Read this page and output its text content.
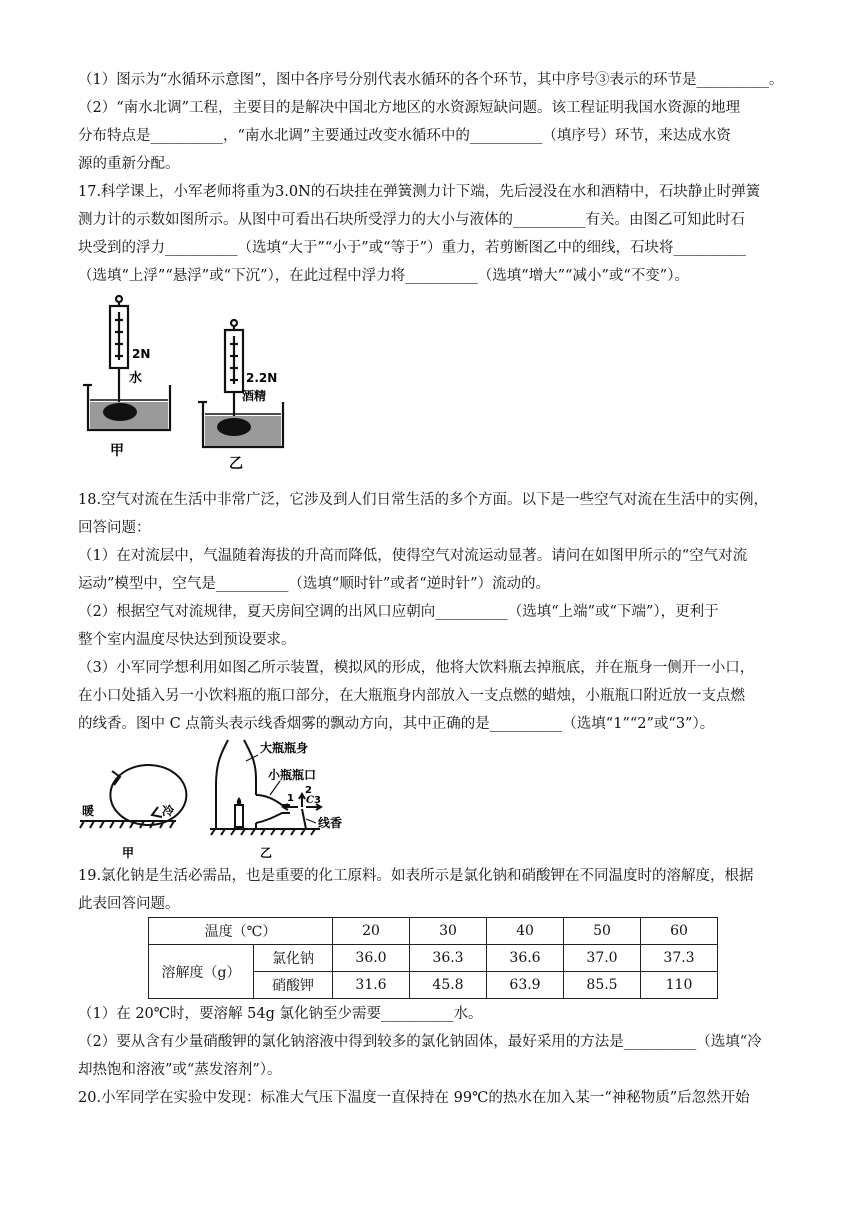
（1）图示为“水循环示意图”，图中各序号分别代表水循环的各个环节，其中序号③表示的环节是__________。
（2）“南水北调”工程，主要目的是解决中国北方地区的水资源短缺问题。该工程证明我国水资源的地理
分布特点是__________，“南水北调”主要通过改变水循环中的__________（填序号）环节，来达成水资
源的重新分配。
17.科学课上，小军老师将重为3.0N的石块挂在弹簧测力计下端，先后浸没在水和酒精中，石块静止时弹簧
测力计的示数如图所示。从图中可看出石块所受浮力的大小与液体的__________有关。由图乙可知此时石
块受到的浮力__________（选填“大于”“小于”或“等于”）重力，若剪断图乙中的细线，石块将__________
（选填“上浮”“悬浮”或“下沉”），在此过程中浮力将__________（选填“增大”“减小”或“不变”）。
2N
水
甲
2.2N
酒精
乙
18.空气对流在生活中非常广泛，它涉及到人们日常生活的多个方面。以下是一些空气对流在生活中的实例，
回答问题：
（1）在对流层中，气温随着海拔的升高而降低，使得空气对流运动显著。请问在如图甲所示的“空气对流
运动”模型中，空气是__________（选填“顺时针”或者“逆时针”）流动的。
（2）根据空气对流规律，夏天房间空调的出风口应朝向__________（选填“上端”或“下端”），更利于
整个室内温度尽快达到预设要求。
（3）小军同学想利用如图乙所示装置，模拟风的形成，他将大饮料瓶去掉瓶底，并在瓶身一侧开一小口，
在小口处插入另一小饮料瓶的瓶口部分，在大瓶瓶身内部放入一支点燃的蜡烛，小瓶瓶口附近放一支点燃
的线香。图中 C 点箭头表示线香烟雾的飘动方向，其中正确的是__________（选填“1”“2”或“3”）。
暖	冷
甲
大瓶瓶身
小瓶瓶口
1
2
C 3
线香
乙
19.氯化钠是生活必需品，也是重要的化工原料。如表所示是氯化钠和硝酸钾在不同温度时的溶解度，根据
此表回答问题。
温度（℃）		20	30	40	50	60
溶解度（g）	氯化钠	36.0	36.3	36.6	37.0	37.3
	硝酸钾	31.6	45.8	63.9	85.5	110
（1）在 20℃时，要溶解 54g 氯化钠至少需要__________水。
（2）要从含有少量硝酸钾的氯化钠溶液中得到较多的氯化钠固体，最好采用的方法是__________（选填“冷
却热饱和溶液”或“蒸发溶剂”）。
20.小军同学在实验中发现：标准大气压下温度一直保持在 99℃的热水在加入某一“神秘物质”后忽然开始
